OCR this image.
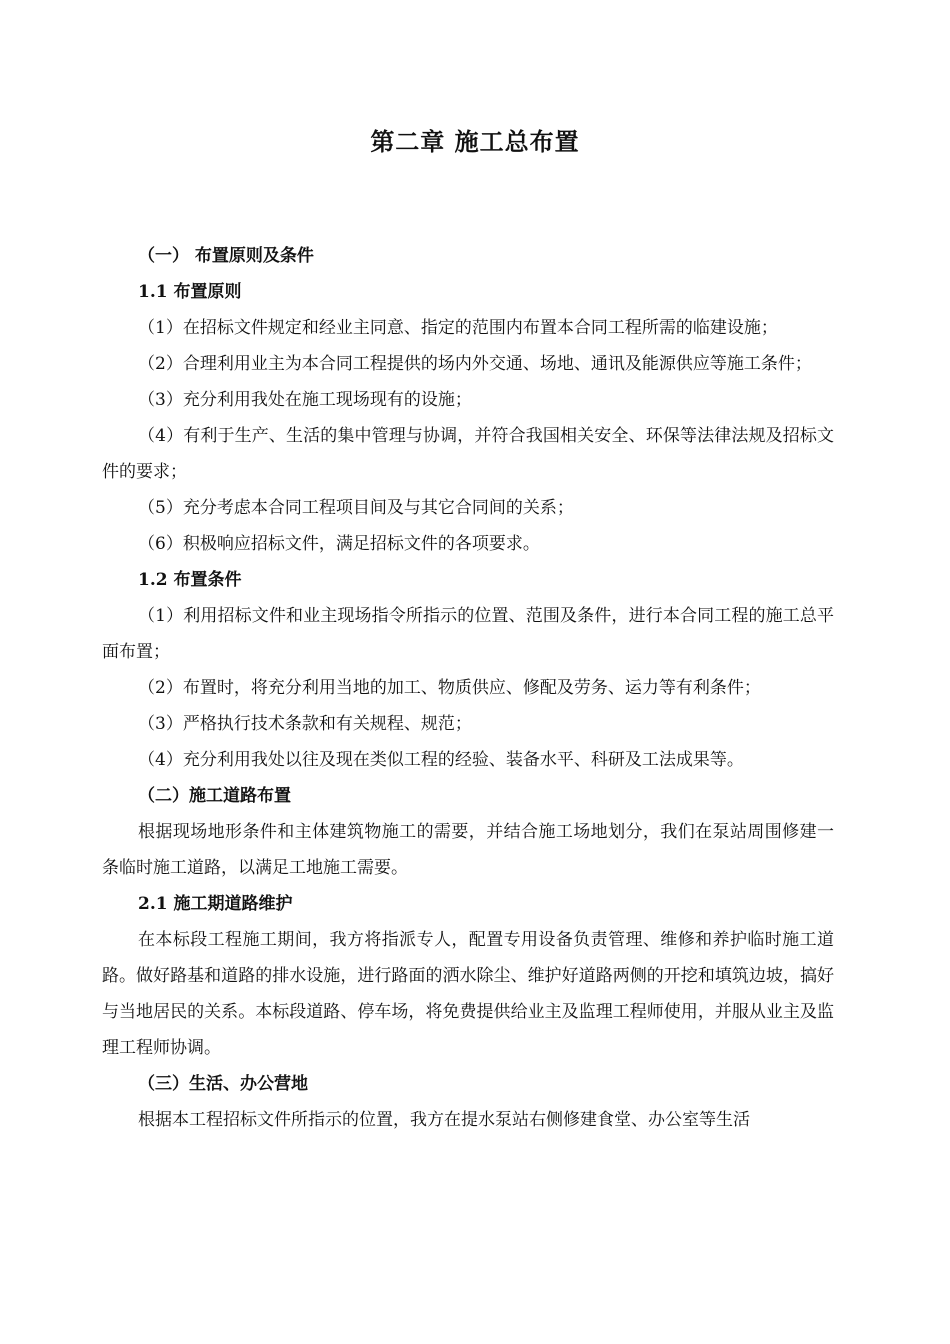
第二章 施工总布置

（一） 布置原则及条件

1.1 布置原则

（1）在招标文件规定和经业主同意、指定的范围内布置本合同工程所需的临建设施；

（2）合理利用业主为本合同工程提供的场内外交通、场地、通讯及能源供应等施工条件；

（3）充分利用我处在施工现场现有的设施；

（4）有利于生产、生活的集中管理与协调，并符合我国相关安全、环保等法律法规及招标文件的要求；

（5）充分考虑本合同工程项目间及与其它合同间的关系；

（6）积极响应招标文件，满足招标文件的各项要求。

1.2 布置条件

（1）利用招标文件和业主现场指令所指示的位置、范围及条件，进行本合同工程的施工总平面布置；

（2）布置时，将充分利用当地的加工、物质供应、修配及劳务、运力等有利条件；

（3）严格执行技术条款和有关规程、规范；

（4）充分利用我处以往及现在类似工程的经验、装备水平、科研及工法成果等。

（二）施工道路布置

根据现场地形条件和主体建筑物施工的需要，并结合施工场地划分，我们在泵站周围修建一条临时施工道路，以满足工地施工需要。

2.1 施工期道路维护

在本标段工程施工期间，我方将指派专人，配置专用设备负责管理、维修和养护临时施工道路。做好路基和道路的排水设施，进行路面的洒水除尘、维护好道路两侧的开挖和填筑边坡，搞好与当地居民的关系。本标段道路、停车场，将免费提供给业主及监理工程师使用，并服从业主及监理工程师协调。

（三）生活、办公营地

根据本工程招标文件所指示的位置，我方在提水泵站右侧修建食堂、办公室等生活
